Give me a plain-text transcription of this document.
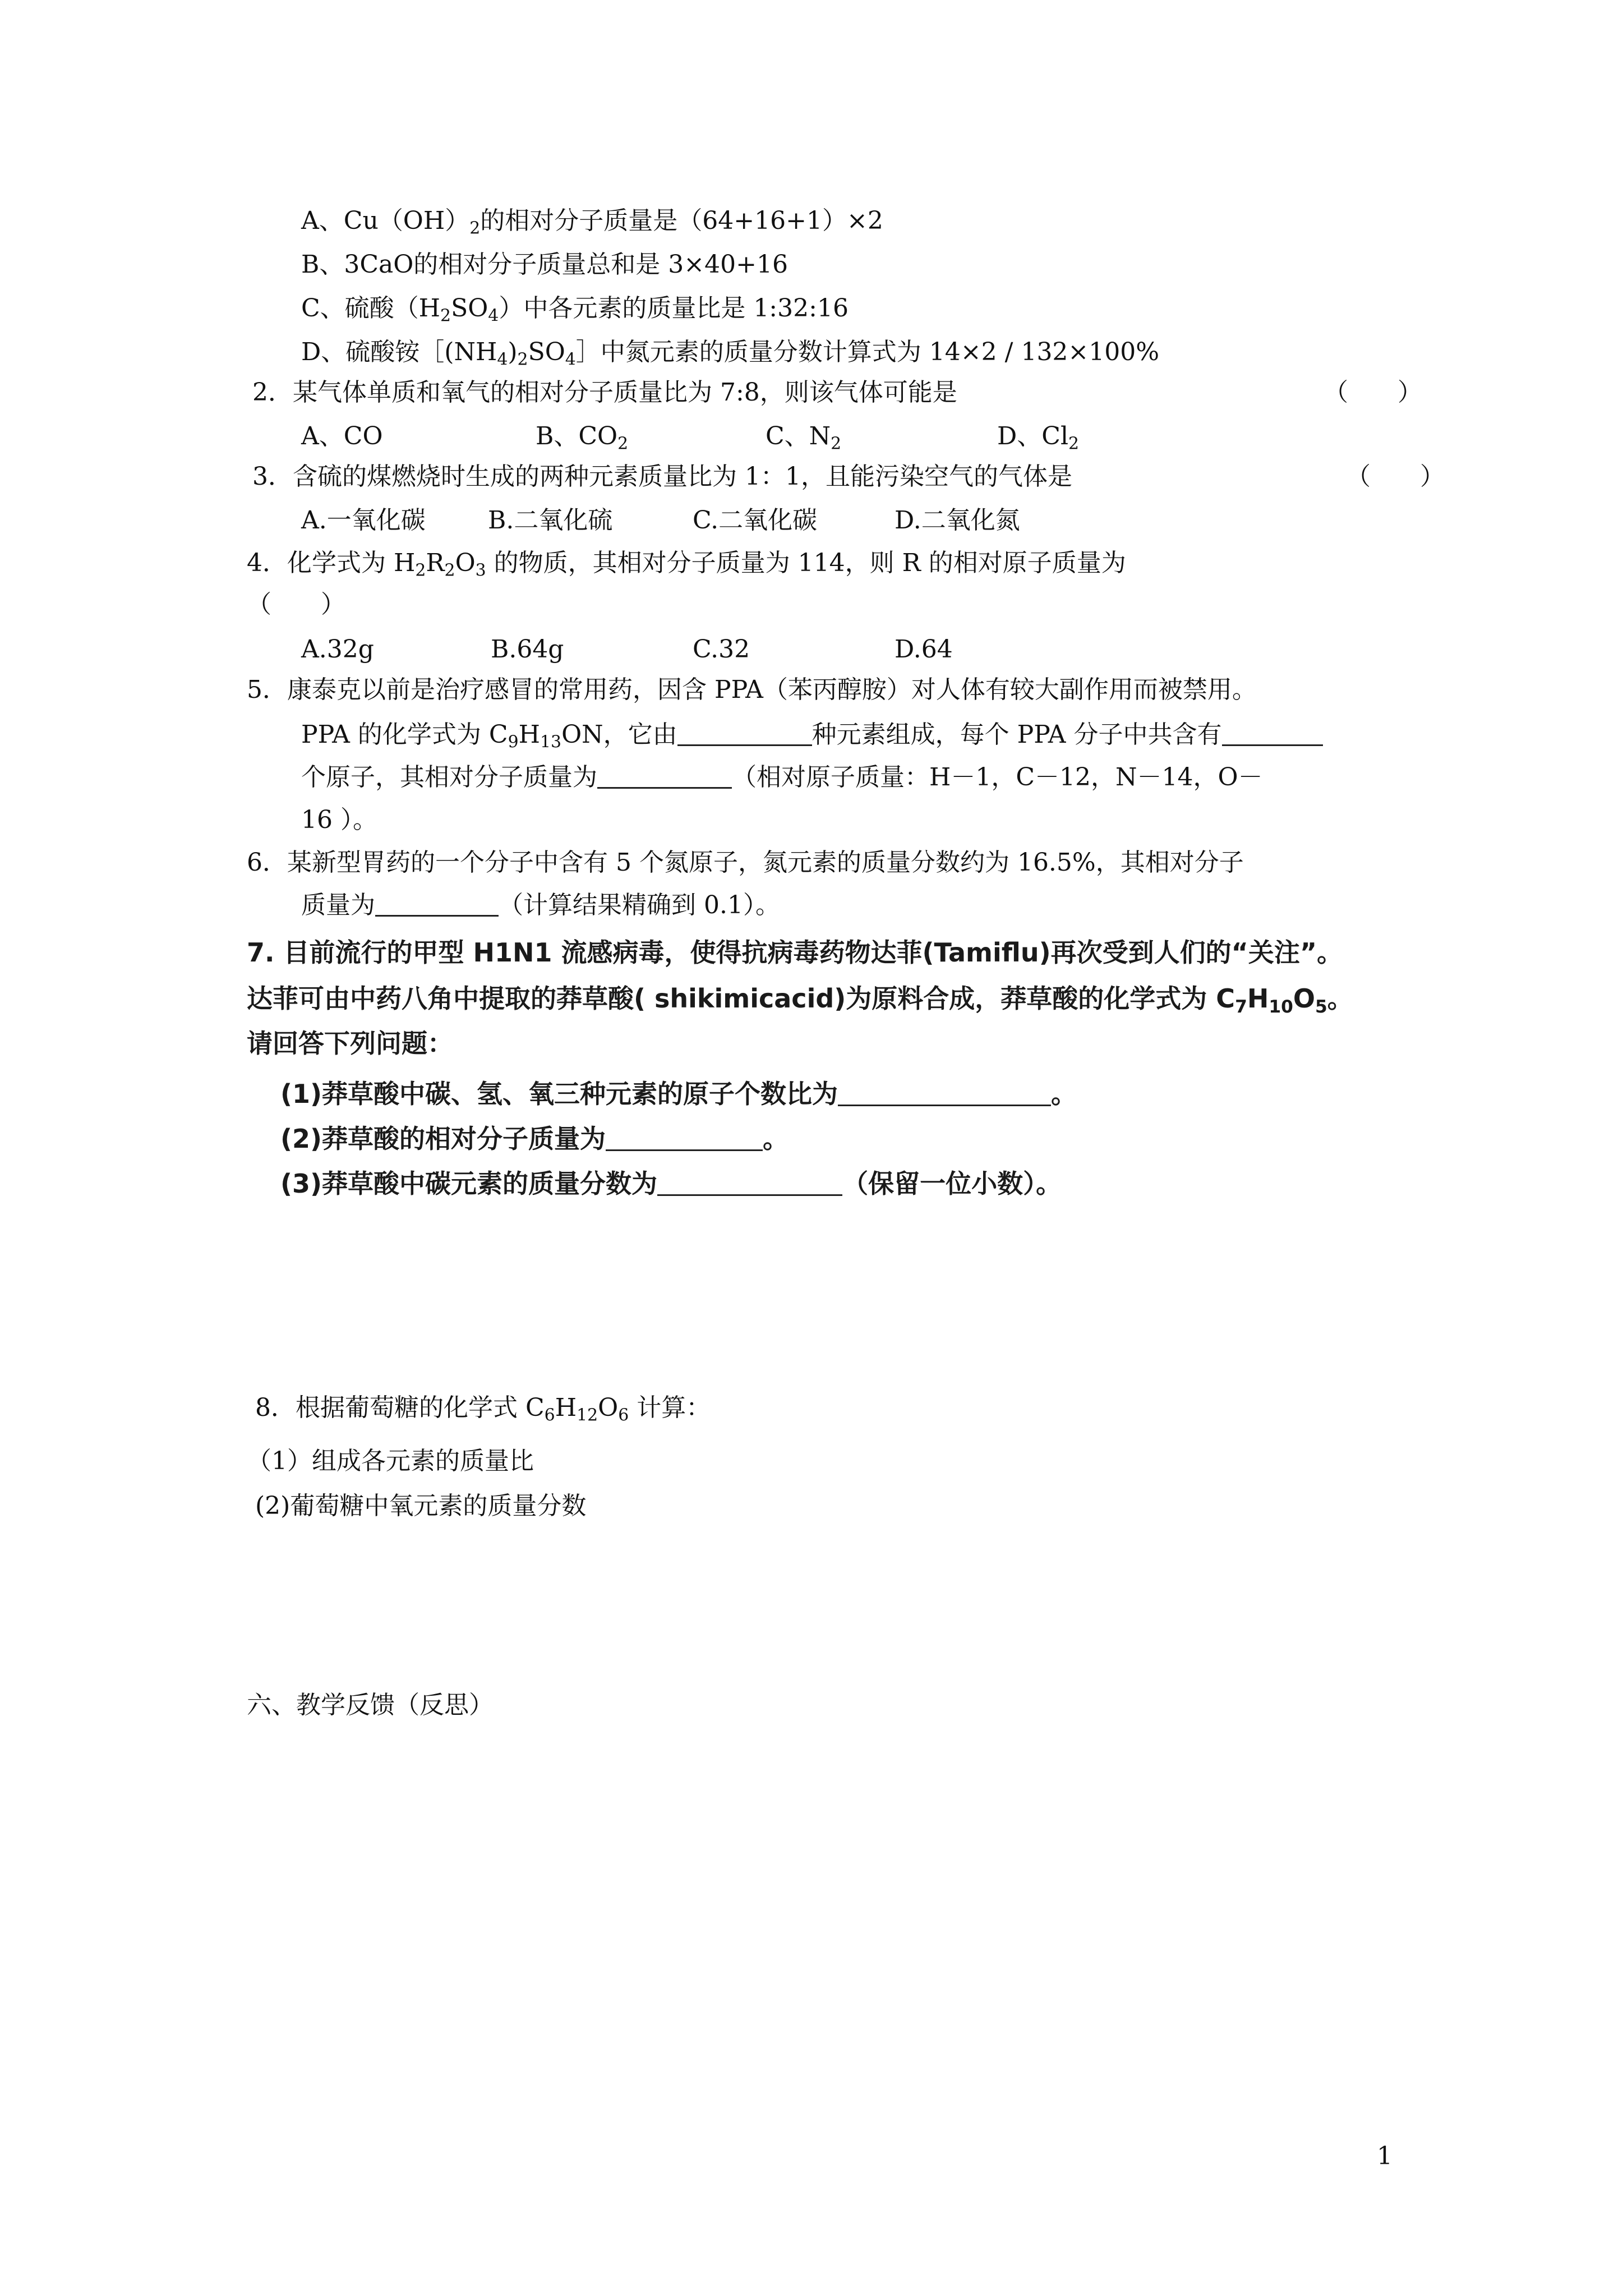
A、$Cu(OH)_2$的相对分子质量是（64+16+1）×2
B、3CaO的相对分子质量总和是 3×40+16
C、硫酸$(H_2SO_4)$中各元素的质量比是 1:32:16
D、硫酸铵$[(NH_4)_2SO_4]$中氮元素的质量分数计算式为 14×2 / 132×100%
2．某气体单质和氧气的相对分子质量比为 7:8，则该气体可能是	（　　）
A、CO	B、$CO_2$	C、$N_2$	D、$Cl_2$
3．含硫的煤燃烧时生成的两种元素质量比为 1：1，且能污染空气的气体是	（　　）
A.一氧化碳	B.二氧化硫	C.二氧化碳	D.二氧化氮
4．化学式为 $H_2R_2O_3$ 的物质，其相对分子质量为 114，则 R 的相对原子质量为
（　　）
A.32g	B.64g	C.32	D.64
5．康泰克以前是治疗感冒的常用药，因含 PPA（苯丙醇胺）对人体有较大副作用而被禁用。
PPA 的化学式为 $C_9H_{13}ON$，它由	种元素组成，每个 PPA 分子中共含有
个原子，其相对分子质量为	（相对原子质量：H－1，C－12，N－14，O－
16 ）。
6．某新型胃药的一个分子中含有 5 个氮原子，氮元素的质量分数约为 16.5%，其相对分子
质量为	（计算结果精确到 0.1）。
7. 目前流行的甲型 H1N1 流感病毒，使得抗病毒药物达菲(Tamiflu)再次受到人们的“关注”。
达菲可由中药八角中提取的莽草酸( shikimicacid)为原料合成，莽草酸的化学式为 $C_7H_{10}O_5$。
请回答下列问题：
(1)莽草酸中碳、氢、氧三种元素的原子个数比为	。
(2)莽草酸的相对分子质量为	。
(3)莽草酸中碳元素的质量分数为	（保留一位小数）。
8．根据葡萄糖的化学式 $C_6H_{12}O_6$ 计算：
（1）组成各元素的质量比
(2)葡萄糖中氧元素的质量分数
六、教学反馈（反思）
1
